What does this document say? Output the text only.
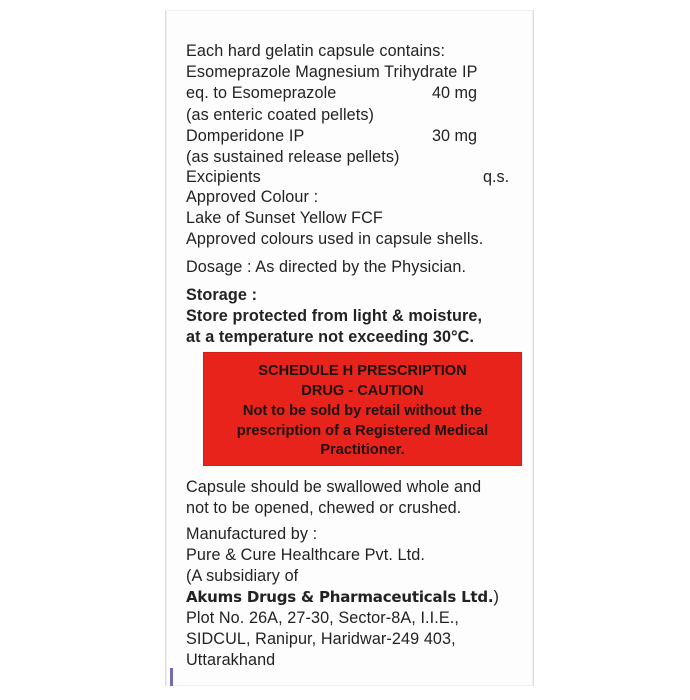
Each hard gelatin capsule contains:
Esomeprazole Magnesium Trihydrate IP
eq. to Esomeprazole	40 mg
(as enteric coated pellets)
Domperidone IP	30 mg
(as sustained release pellets)
Excipients	q.s.
Approved Colour :
Lake of Sunset Yellow FCF
Approved colours used in capsule shells.
Dosage : As directed by the Physician.
Storage :
Store protected from light & moisture,
at a temperature not exceeding 30°C.
SCHEDULE H PRESCRIPTION
DRUG - CAUTION
Not to be sold by retail without the
prescription of a Registered Medical
Practitioner.
Capsule should be swallowed whole and
not to be opened, chewed or crushed.
Manufactured by :
Pure & Cure Healthcare Pvt. Ltd.
(A subsidiary of
Akums Drugs & Pharmaceuticals Ltd.)
Plot No. 26A, 27-30, Sector-8A, I.I.E.,
SIDCUL, Ranipur, Haridwar-249 403,
Uttarakhand
